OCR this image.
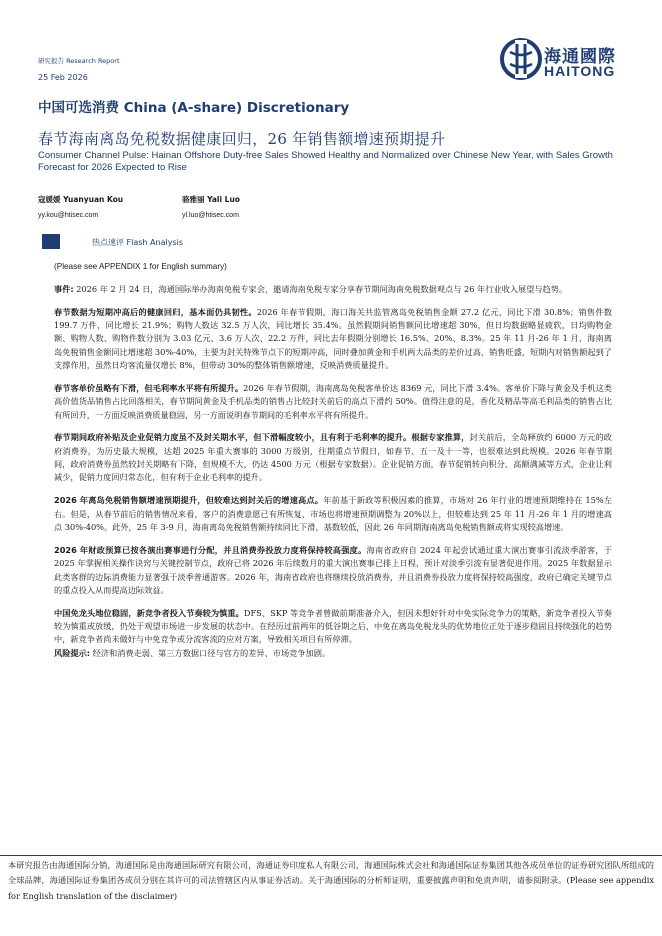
研究报告 Research Report
25 Feb 2026
海通國際
HAITONG
中国可选消费 China (A-share) Discretionary
春节海南离岛免税数据健康回归，26 年销售额增速预期提升
Consumer Channel Pulse: Hainan Offshore Duty-free Sales Showed Healthy and Normalized over Chinese New Year, with Sales Growth Forecast for 2026 Expected to Rise
寇媛媛 Yuanyuan Kou
yy.kou@htisec.com
骆雅丽 Yali Luo
yl.luo@htisec.com
热点速评 Flash Analysis

(Please see APPENDIX 1 for English summary)

事件: 2026 年 2 月 24 日，海通国际举办海南免税专家会，邀请海南免税专家分享春节期间海南免税数据观点与 26 年行业收入展望与趋势。

春节数据为短期冲高后的健康回归，基本面仍具韧性。2026 年春节假期，海口海关共监管离岛免税销售金额 27.2 亿元，同比下滑 30.8%；销售件数 199.7 万件，同比增长 21.9%；购物人数达 32.5 万人次，同比增长 35.4%。虽然假期间销售额同比增速超 30%，但日均数据略显疲软，日均购物金额、购物人数、购物件数分别为 3.03 亿元、3.6 万人次、22.2 万件，同比去年假期分别增长 16.5%、20%、8.3%。25 年 11 月-26 年 1 月，海南离岛免税销售金额同比增速超 30%-40%，主要为封关特殊节点下的短期冲高，同时叠加黄金和手机两大品类的差价过高，销售旺盛，短期内对销售额起到了支撑作用，虽然日均客流量仅增长 8%，但带动 30%的整体销售额增速，反映消费质量提升。

春节客单价虽略有下滑，但毛利率水平将有所提升。2026 年春节假期，海南离岛免税客单价达 8369 元，同比下滑 3.4%。客单价下降与黄金及手机这类高价值货品销售占比回落相关，春节期间黄金及手机品类的销售占比较封关前后的高点下滑约 50%。值得注意的是，香化及精品等高毛利品类的销售占比有所回升，一方面反映消费质量稳固，另一方面说明春节期间的毛利率水平将有所提升。

春节期间政府补贴及企业促销力度虽不及封关期水平，但下滑幅度较小，且有利于毛利率的提升。根据专家推算，封关前后，全岛释放约 6000 万元的政府消费券，为历史最大规模，达超 2025 年重大赛事的 3000 万级别，往期重点节假日，如春节、五一及十一等，也很难达到此规模。2026 年春节期间，政府消费券虽然较封关期略有下降，但规模不大，仍达 4500 万元（根据专家数据）。企业促销方面，春节促销转向积分、高额满减等方式，企业让利减少，促销力度回归常态化，但有利于企业毛利率的提升。

2026 年离岛免税销售额增速预期提升，但较难达到封关后的增速高点。年前基于新政等积极因素的推算，市场对 26 年行业的增速预期维持在 15%左右。但是，从春节前后的销售情况来看，客户的消费意愿已有所恢复，市场也将增速预期调整为 20%以上，但较难达到 25 年 11 月-26 年 1 月的增速高点 30%-40%。此外，25 年 3-9 月，海南离岛免税销售额持续同比下滑，基数较低，因此 26 年同期海南离岛免税销售额或将实现较高增速。

2026 年财政预算已按各演出赛事进行分配，并且消费券投放力度将保持较高强度。海南省政府自 2024 年起尝试通过重大演出赛事引流淡季游客，于 2025 年掌握相关操作诀窍与关键控制节点，政府已将 2026 年后续数月的重大演出赛事已排上日程，预计对淡季引流有显著促进作用。2025 年数据显示此类客群的边际消费能力显著强于淡季普通游客。2026 年，海南省政府也将继续投放消费券，并且消费券投放力度将保持较高强度，政府已确定关键节点的重点投入从而提高边际效益。

中国免龙头地位稳固，新竞争者投入节奏较为慎重。DFS、SKP 等竞争者曾做前期准备介入，但因未想好针对中免实际竞争力的策略，新竞争者投入节奏较为慎重或放缓，仍处于观望市场进一步发展的状态中。在经历过前两年的低谷期之后，中免在离岛免税龙头的优势地位正处于逐步稳固且持续强化的趋势中，新竞争者尚未做好与中免竞争或分流客流的应对方案，导致相关项目有所停滞。

风险提示: 经济和消费走弱、第三方数据口径与官方的差异、市场竞争加剧。

本研究报告由海通国际分销，海通国际是由海通国际研究有限公司，海通证券印度私人有限公司，海通国际株式会社和海通国际证券集团其他各成员单位的证券研究团队所组成的全球品牌，海通国际证券集团各成员分别在其许可的司法管辖区内从事证券活动。关于海通国际的分析师证明，重要披露声明和免责声明，请参阅附录。(Please see appendix for English translation of the disclaimer)
